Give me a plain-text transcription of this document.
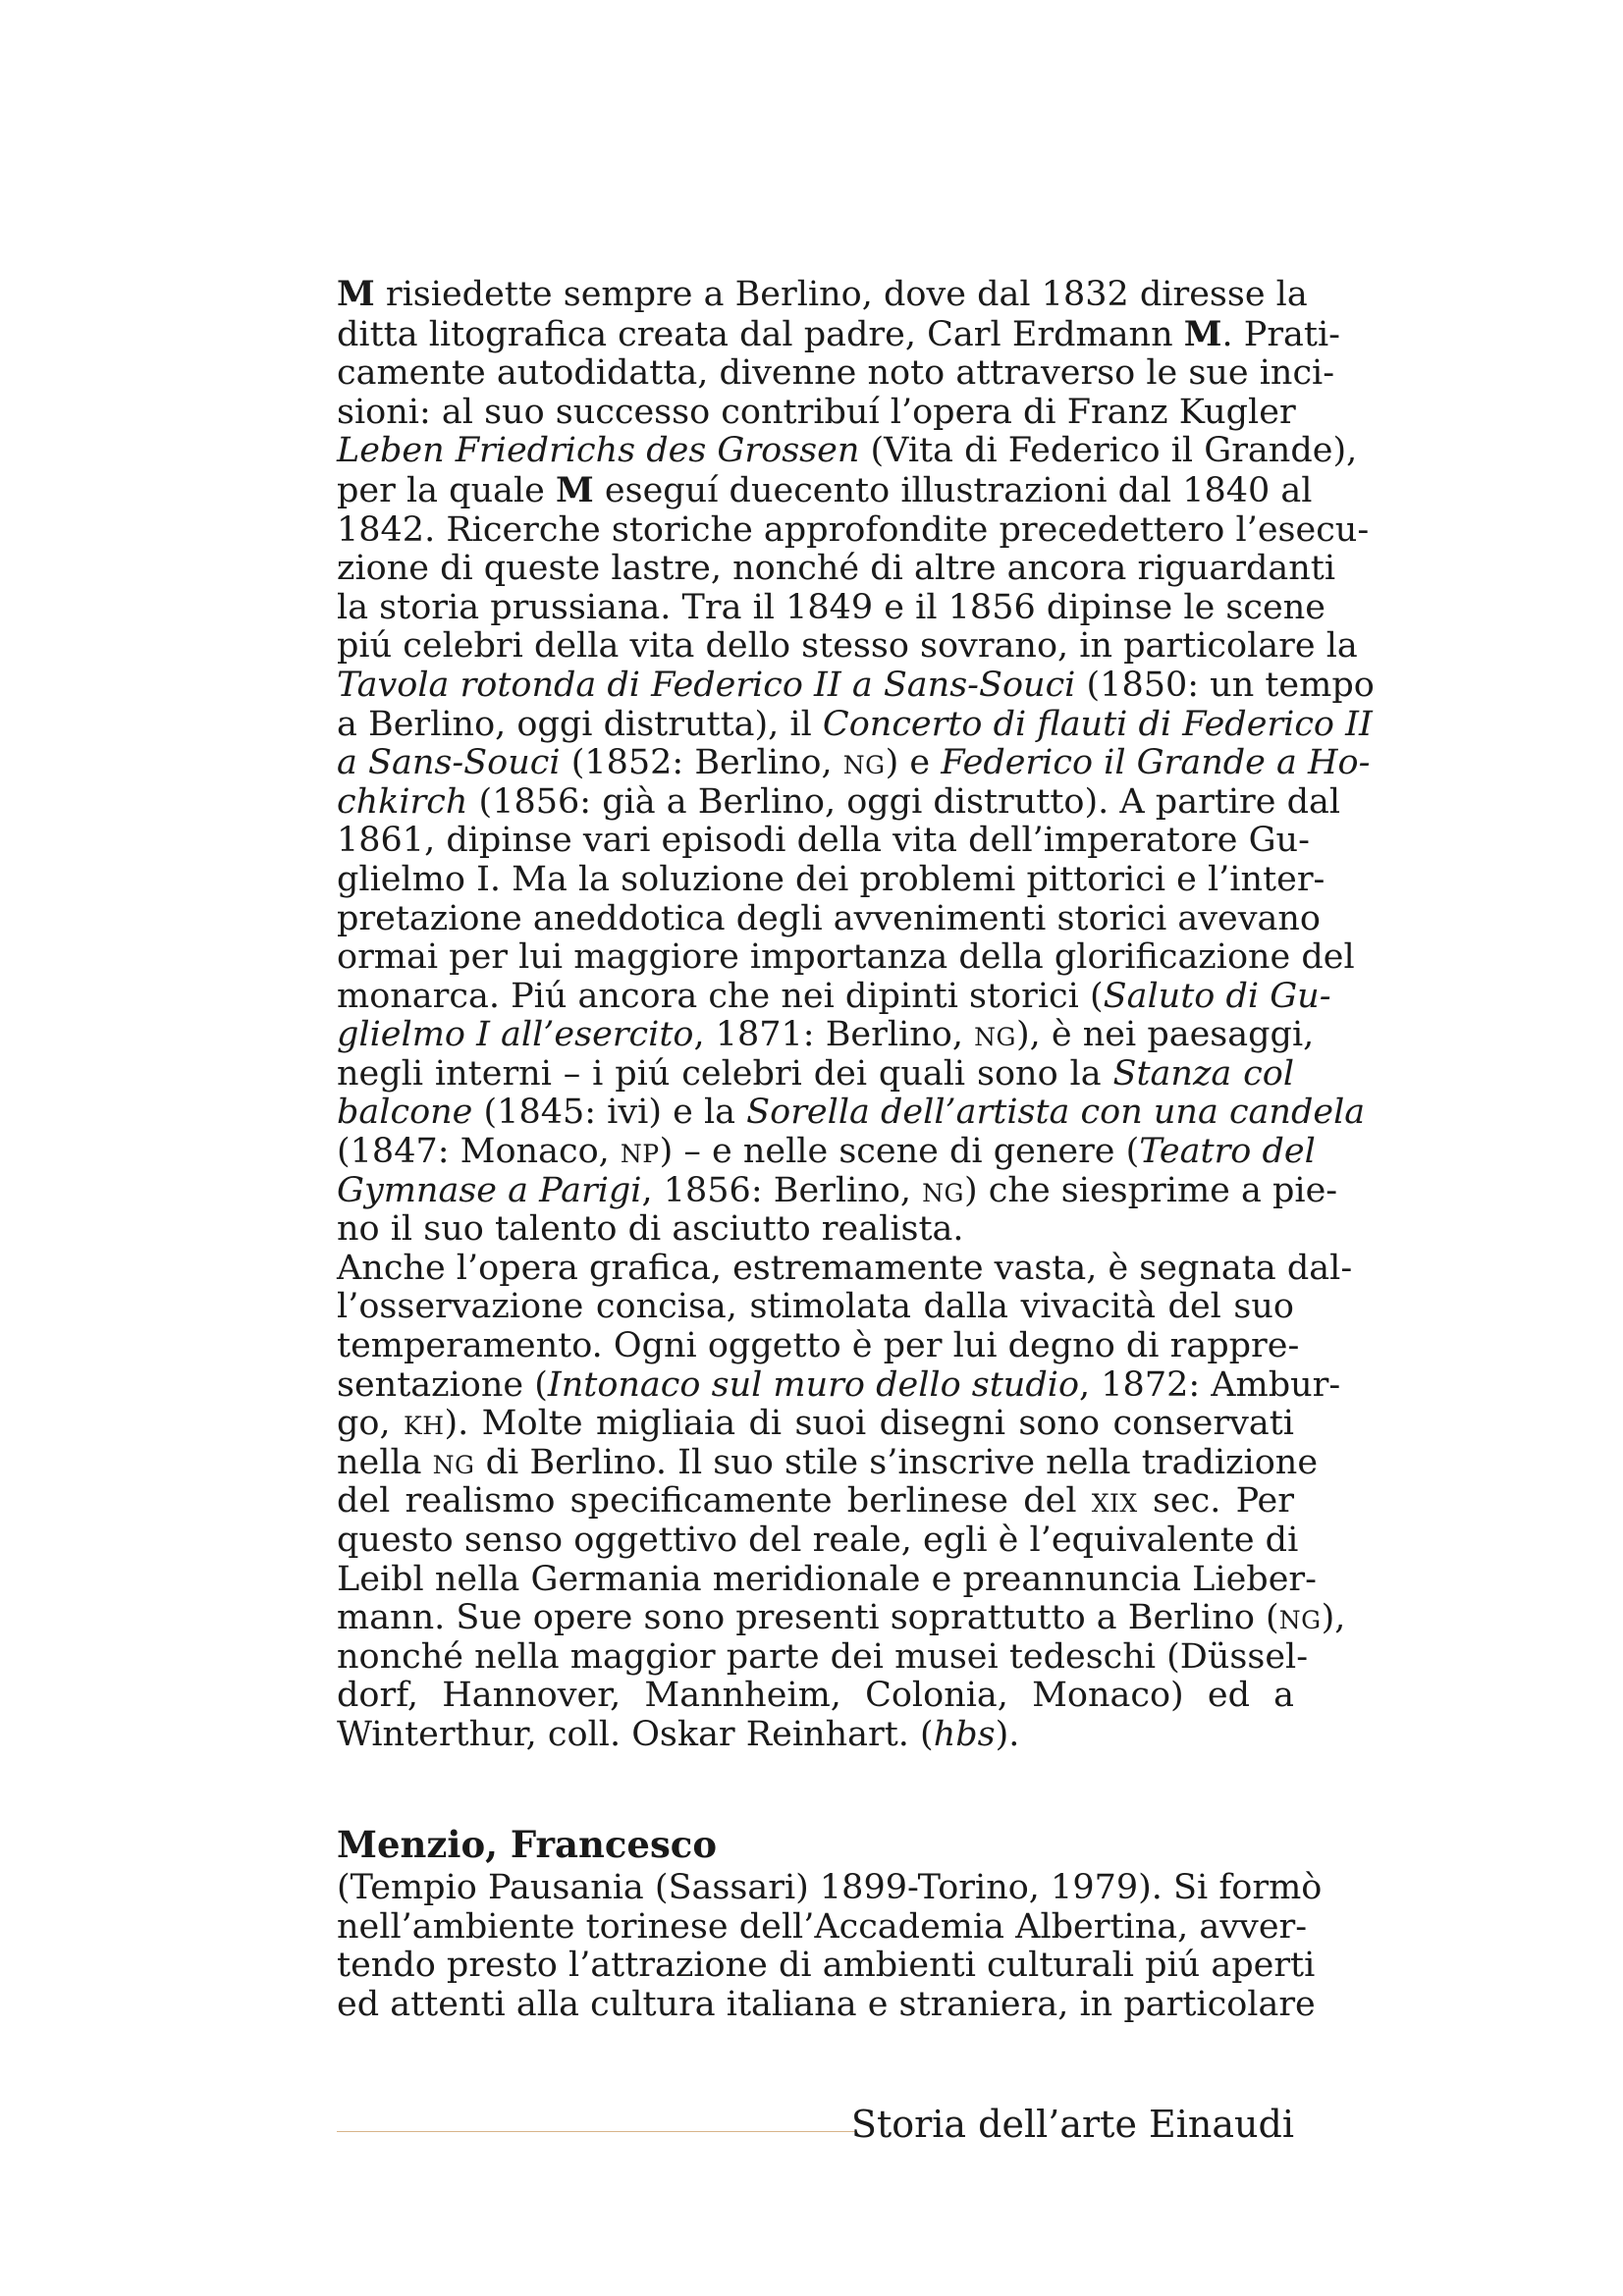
M risiedette sempre a Berlino, dove dal 1832 diresse la
ditta litografica creata dal padre, Carl Erdmann M. Prati-
camente autodidatta, divenne noto attraverso le sue inci-
sioni: al suo successo contribuí l’opera di Franz Kugler
Leben Friedrichs des Grossen (Vita di Federico il Grande),
per la quale M eseguí duecento illustrazioni dal 1840 al
1842. Ricerche storiche approfondite precedettero l’esecu-
zione di queste lastre, nonché di altre ancora riguardanti
la storia prussiana. Tra il 1849 e il 1856 dipinse le scene
piú celebri della vita dello stesso sovrano, in particolare la
Tavola rotonda di Federico II a Sans-Souci (1850: un tempo
a Berlino, oggi distrutta), il Concerto di flauti di Federico II
a Sans-Souci (1852: Berlino, ng) e Federico il Grande a Ho-
chkirch (1856: già a Berlino, oggi distrutto). A partire dal
1861, dipinse vari episodi della vita dell’imperatore Gu-
glielmo I. Ma la soluzione dei problemi pittorici e l’inter-
pretazione aneddotica degli avvenimenti storici avevano
ormai per lui maggiore importanza della glorificazione del
monarca. Piú ancora che nei dipinti storici (Saluto di Gu-
glielmo I all’esercito, 1871: Berlino, ng), è nei paesaggi,
negli interni – i piú celebri dei quali sono la Stanza col
balcone (1845: ivi) e la Sorella dell’artista con una candela
(1847: Monaco, np) – e nelle scene di genere (Teatro del
Gymnase a Parigi, 1856: Berlino, ng) che siesprime a pie-
no il suo talento di asciutto realista.
Anche l’opera grafica, estremamente vasta, è segnata dal-
l’osservazione concisa, stimolata dalla vivacità del suo
temperamento. Ogni oggetto è per lui degno di rappre-
sentazione (Intonaco sul muro dello studio, 1872: Ambur-
go, kh). Molte migliaia di suoi disegni sono conservati
nella ng di Berlino. Il suo stile s’inscrive nella tradizione
del realismo specificamente berlinese del xix sec. Per
questo senso oggettivo del reale, egli è l’equivalente di
Leibl nella Germania meridionale e preannuncia Lieber-
mann. Sue opere sono presenti soprattutto a Berlino (ng),
nonché nella maggior parte dei musei tedeschi (Düssel-
dorf, Hannover, Mannheim, Colonia, Monaco) ed a
Winterthur, coll. Oskar Reinhart. (hbs).
Menzio, Francesco
(Tempio Pausania (Sassari) 1899-Torino, 1979). Si formò
nell’ambiente torinese dell’Accademia Albertina, avver-
tendo presto l’attrazione di ambienti culturali piú aperti
ed attenti alla cultura italiana e straniera, in particolare
Storia dell’arte Einaudi
